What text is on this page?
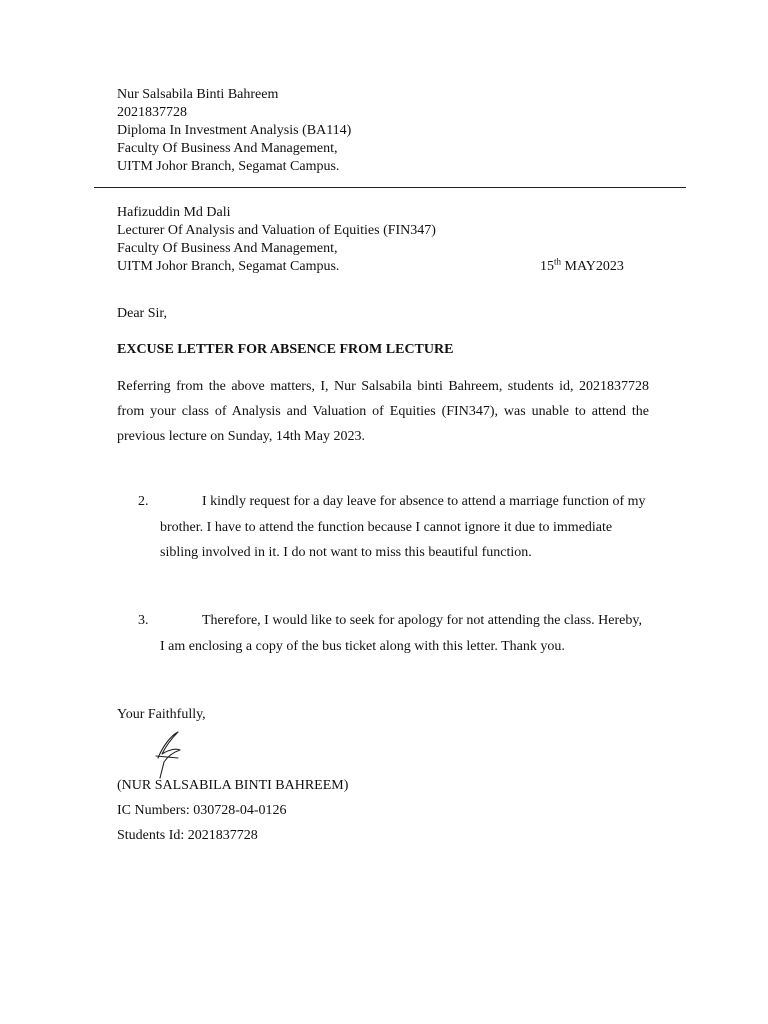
Nur Salsabila Binti Bahreem
2021837728
Diploma In Investment Analysis (BA114)
Faculty Of Business And Management,
UITM Johor Branch, Segamat Campus.
Hafizuddin Md Dali
Lecturer Of Analysis and Valuation of Equities (FIN347)
Faculty Of Business And Management,
UITM Johor Branch, Segamat Campus.	15th MAY2023
Dear Sir,
EXCUSE LETTER FOR ABSENCE FROM LECTURE
Referring from the above matters, I, Nur Salsabila binti Bahreem, students id, 2021837728 from your class of Analysis and Valuation of Equities (FIN347), was unable to attend the previous lecture on Sunday, 14th May 2023.
2.	I kindly request for a day leave for absence to attend a marriage function of my brother. I have to attend the function because I cannot ignore it due to immediate sibling involved in it. I do not want to miss this beautiful function.
3.	Therefore, I would like to seek for apology for not attending the class. Hereby, I am enclosing a copy of the bus ticket along with this letter. Thank you.
Your Faithfully,
(NUR SALSABILA BINTI BAHREEM)
IC Numbers: 030728-04-0126
Students Id: 2021837728
